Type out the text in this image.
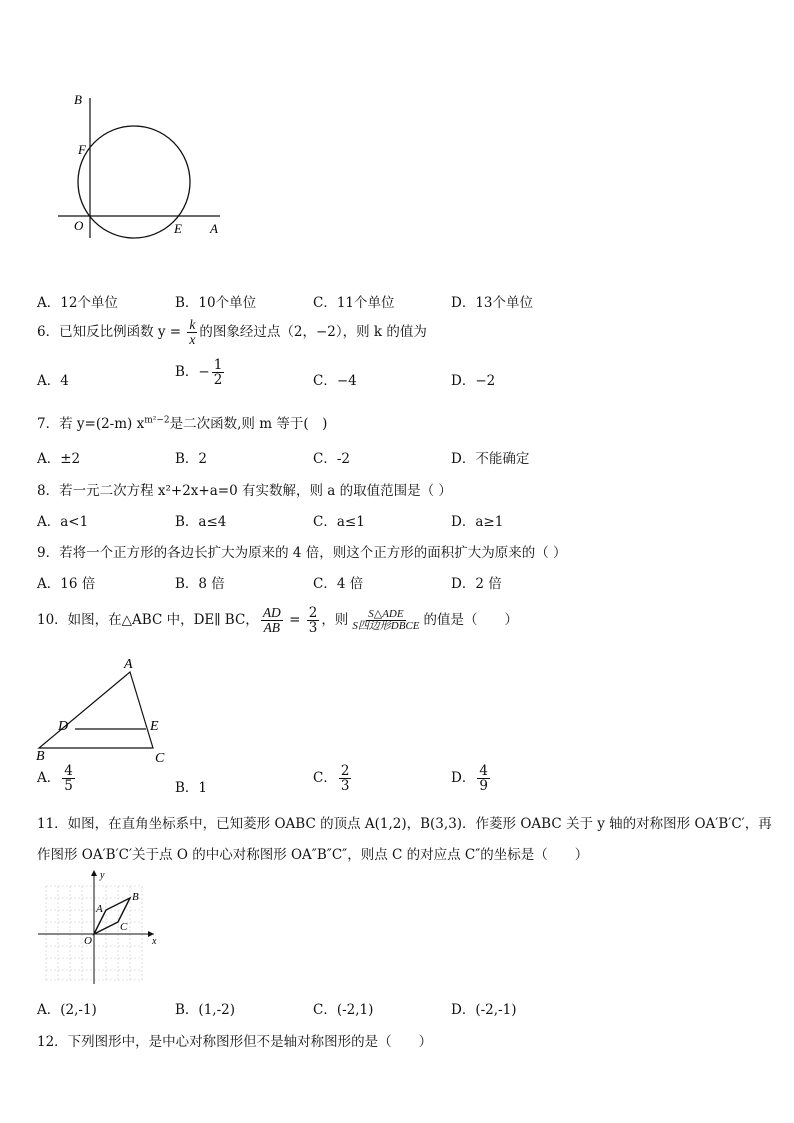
B
F
O	E A
A．12个单位	B．10个单位	C．11个单位	D．13个单位
6．已知反比例函数 $y = \frac{k}{x}$ 的图象经过点（2，−2），则 k 的值为
A．4
B．− $\frac{1}{2}$	C．−4	D．−2
7．若 y=(2-m) $x^{m^2-2}$是二次函数,则 m 等于(　)
A．±2	B．2	C．-2	D．不能确定
8．若一元二次方程 x²+2x+a=0 有实数解，则 a 的取值范围是（ ）
A．a<1	B．a≤4	C．a≤1	D．a≥1
9．若将一个正方形的各边长扩大为原来的 4 倍，则这个正方形的面积扩大为原来的（ ）
A．16 倍	B．8 倍	C．4 倍	D．2 倍
10．如图，在△ABC 中，DE∥ BC， $\frac{AD}{AB} = \frac{2}{3}$ ，则 $\frac{\text{S△ADE}}{\text{S四边形DBCE}}$ 的值是（　　）
A
D	E
B	C
A． $\frac{4}{5}$	B．1
C． $\frac{2}{3}$	D． $\frac{4}{9}$
11．如图，在直角坐标系中，已知菱形 OABC 的顶点 A(1,2)，B(3,3)．作菱形 OABC 关于 y 轴的对称图形 OA′B′C′，再
作图形 OA′B′C′关于点 O 的中心对称图形 OA″B″C″，则点 C 的对应点 C″的坐标是（　　）
y
x
O
A
B
C
A．(2,-1)	B．(1,-2)	C．(-2,1)	D．(-2,-1)
12．下列图形中，是中心对称图形但不是轴对称图形的是（　　）
